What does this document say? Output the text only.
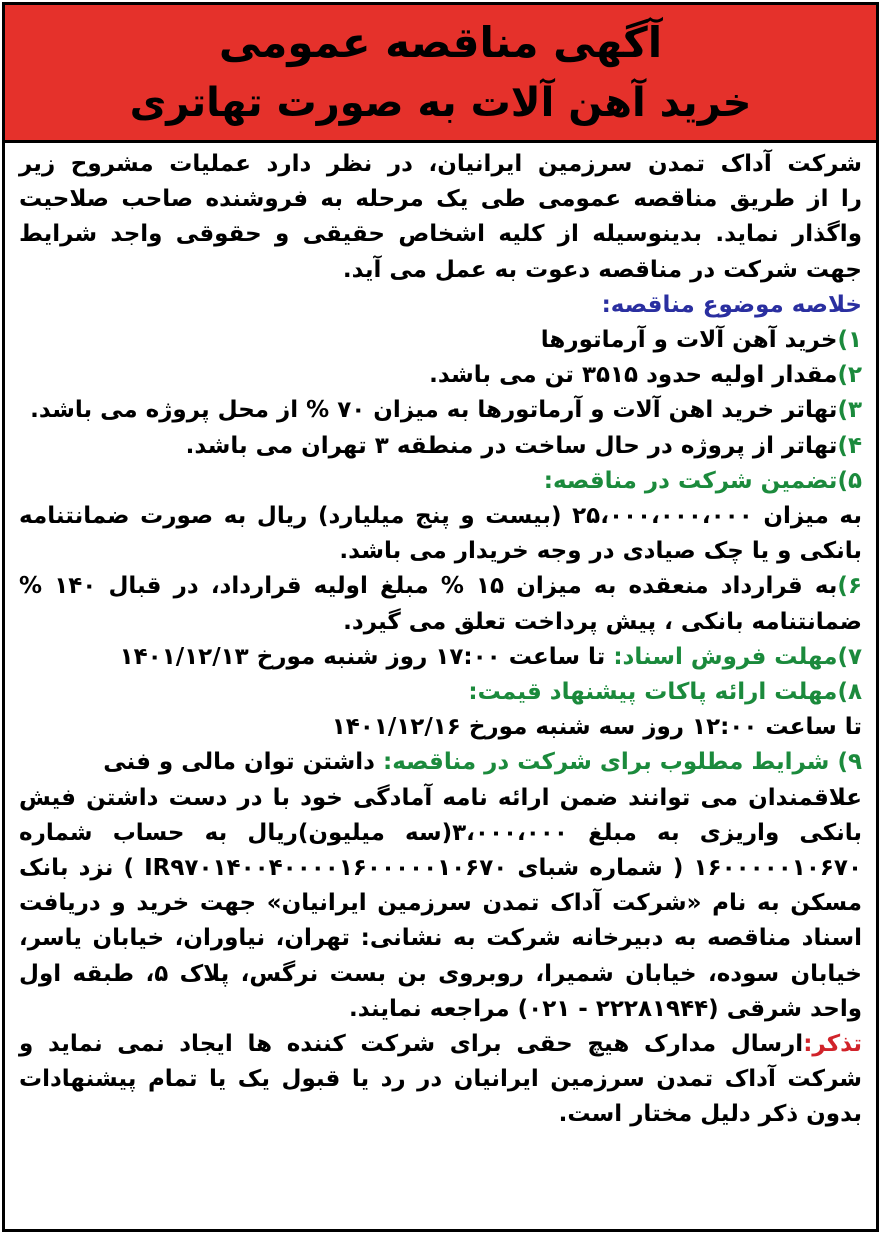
آگهی مناقصه عمومی
خرید آهن آلات به صورت تهاتری
شرکت آداک تمدن سرزمین ایرانیان، در نظر دارد عملیات مشروح زیر
را از طریق مناقصه عمومی طی یک مرحله به فروشنده صاحب صلاحیت
واگذار نماید. بدینوسیله از کلیه اشخاص حقیقی و حقوقی واجد شرایط
جهت شرکت در مناقصه دعوت به عمل می آید.
خلاصه موضوع مناقصه:
۱)خرید آهن آلات و آرماتورها
۲)مقدار اولیه حدود ۳۵۱۵ تن می باشد.
۳)تهاتر خرید اهن آلات و آرماتورها به میزان ۷۰ % از محل پروژه می باشد.
۴)تهاتر از پروژه در حال ساخت در منطقه ۳ تهران می باشد.
۵)تضمین شرکت در مناقصه:
به میزان ۲۵،۰۰۰،۰۰۰،۰۰۰ (بیست و پنج میلیارد) ریال به صورت ضمانتنامه
بانکی و یا چک صیادی در وجه خریدار می باشد.
۶)به قرارداد منعقده به میزان ۱۵ % مبلغ اولیه قرارداد، در قبال ۱۴۰ %
ضمانتنامه بانکی ، پیش پرداخت تعلق می گیرد.
۷)مهلت فروش اسناد: تا ساعت ۱۷:۰۰ روز شنبه مورخ ۱۴۰۱/۱۲/۱۳
۸)مهلت ارائه پاکات پیشنهاد قیمت:
تا ساعت ۱۲:۰۰ روز سه شنبه مورخ ۱۴۰۱/۱۲/۱۶
۹) شرایط مطلوب برای شرکت در مناقصه: داشتن توان مالی و فنی
علاقمندان می توانند ضمن ارائه نامه آمادگی خود با در دست داشتن فیش
بانکی واریزی به مبلغ ۳،۰۰۰،۰۰۰(سه میلیون)ریال به حساب شماره
۱۶۰۰۰۰۰۱۰۶۷۰ ( شماره شبای IR۹۷۰۱۴۰۰۴۰۰۰۰۱۶۰۰۰۰۰۱۰۶۷۰ ) نزد بانک
مسکن به نام «شرکت آداک تمدن سرزمین ایرانیان» جهت خرید و دریافت
اسناد مناقصه به دبیرخانه شرکت به نشانی: تهران، نیاوران، خیابان یاسر،
خیابان سوده، خیابان شمیرا، روبروی بن بست نرگس، پلاک ۵، طبقه اول
واحد شرقی (۲۲۲۸۱۹۴۴ - ۰۲۱) مراجعه نمایند.
تذکر:ارسال مدارک هیچ حقی برای شرکت کننده ها ایجاد نمی نماید و
شرکت آداک تمدن سرزمین ایرانیان در رد یا قبول یک یا تمام پیشنهادات
بدون ذکر دلیل مختار است.
